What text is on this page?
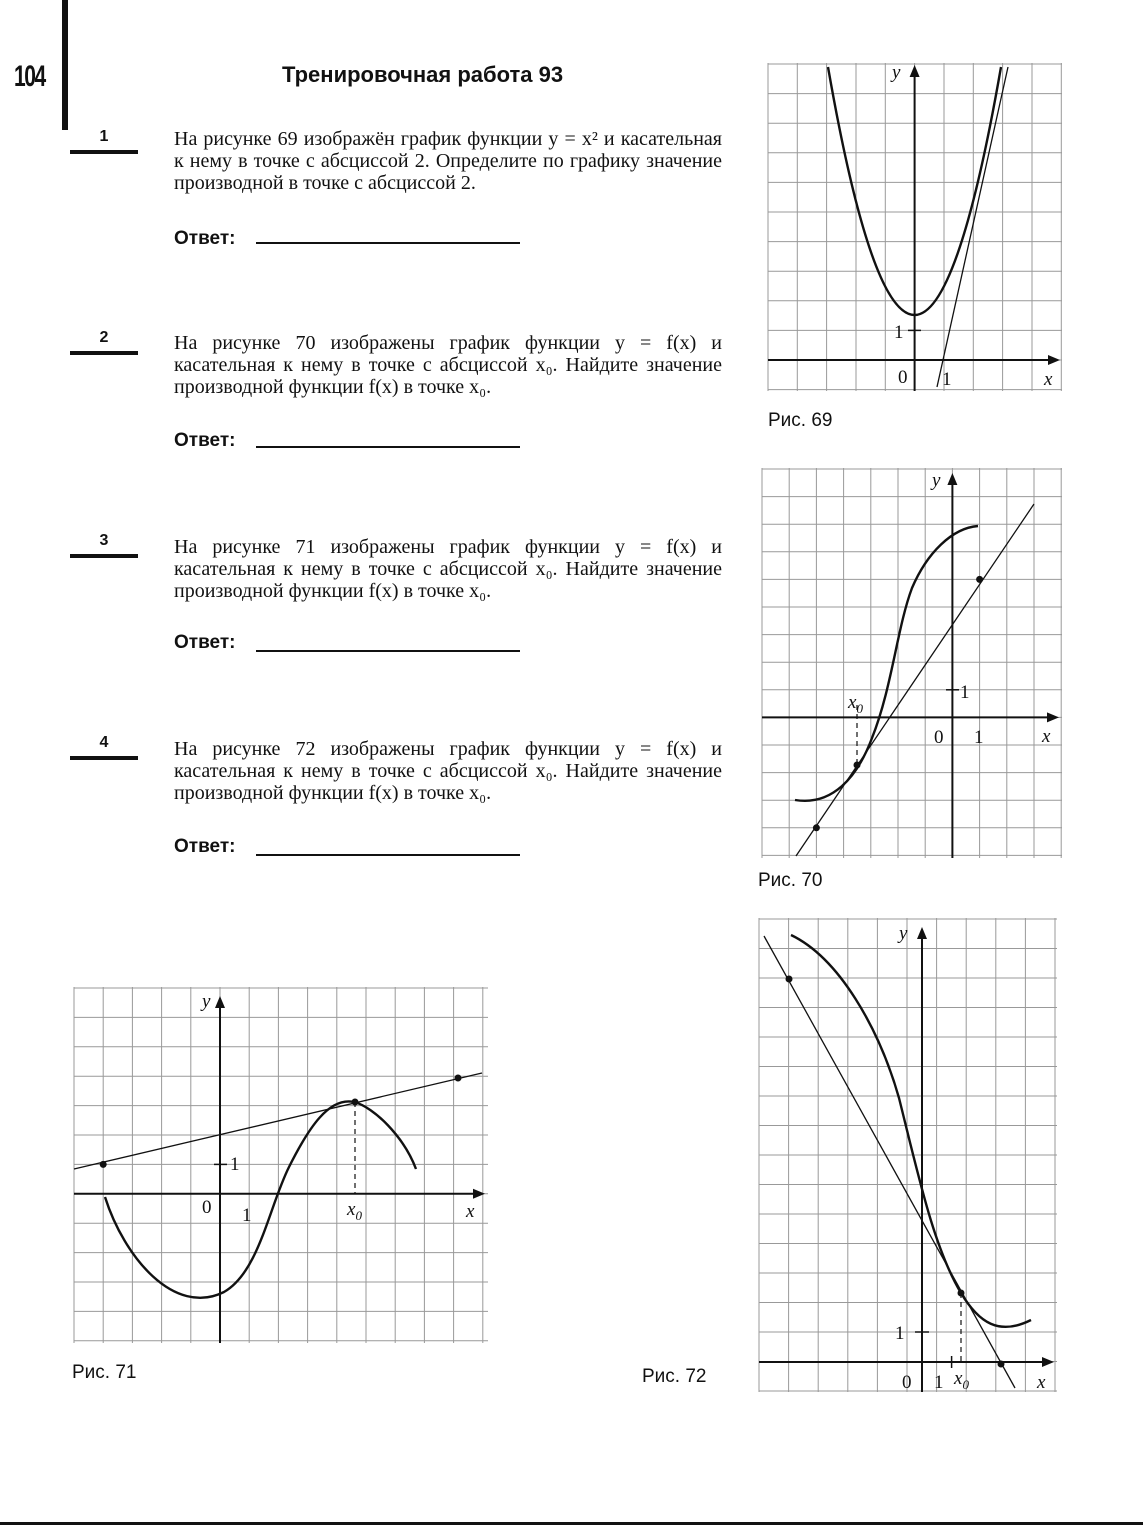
104	Тренировочная работа 93
1	На рисунке 69 изображён график функции y = x² и касательная к нему в точке с абсциссой 2. Определите по графику значение производной в точке с абсциссой 2.
Ответ:
2	На рисунке 70 изображены график функции y = f(x) и касательная к нему в точке с абсциссой x₀. Найдите значение производной функции f(x) в точке x₀.
Ответ:
3	На рисунке 71 изображены график функции y = f(x) и касательная к нему в точке с абсциссой x₀. Найдите значение производной функции f(x) в точке x₀.
Ответ:
4	На рисунке 72 изображены график функции y = f(x) и касательная к нему в точке с абсциссой x₀. Найдите значение производной функции f(x) в точке x₀.
Ответ:
y
x
0 1
1
Рис. 69
y
x
0 1
1
$x_0$
Рис. 70
y
x
0 1
1
$x_0$
Рис. 71
y
x
0 1
1
$x_0$
Рис. 72
